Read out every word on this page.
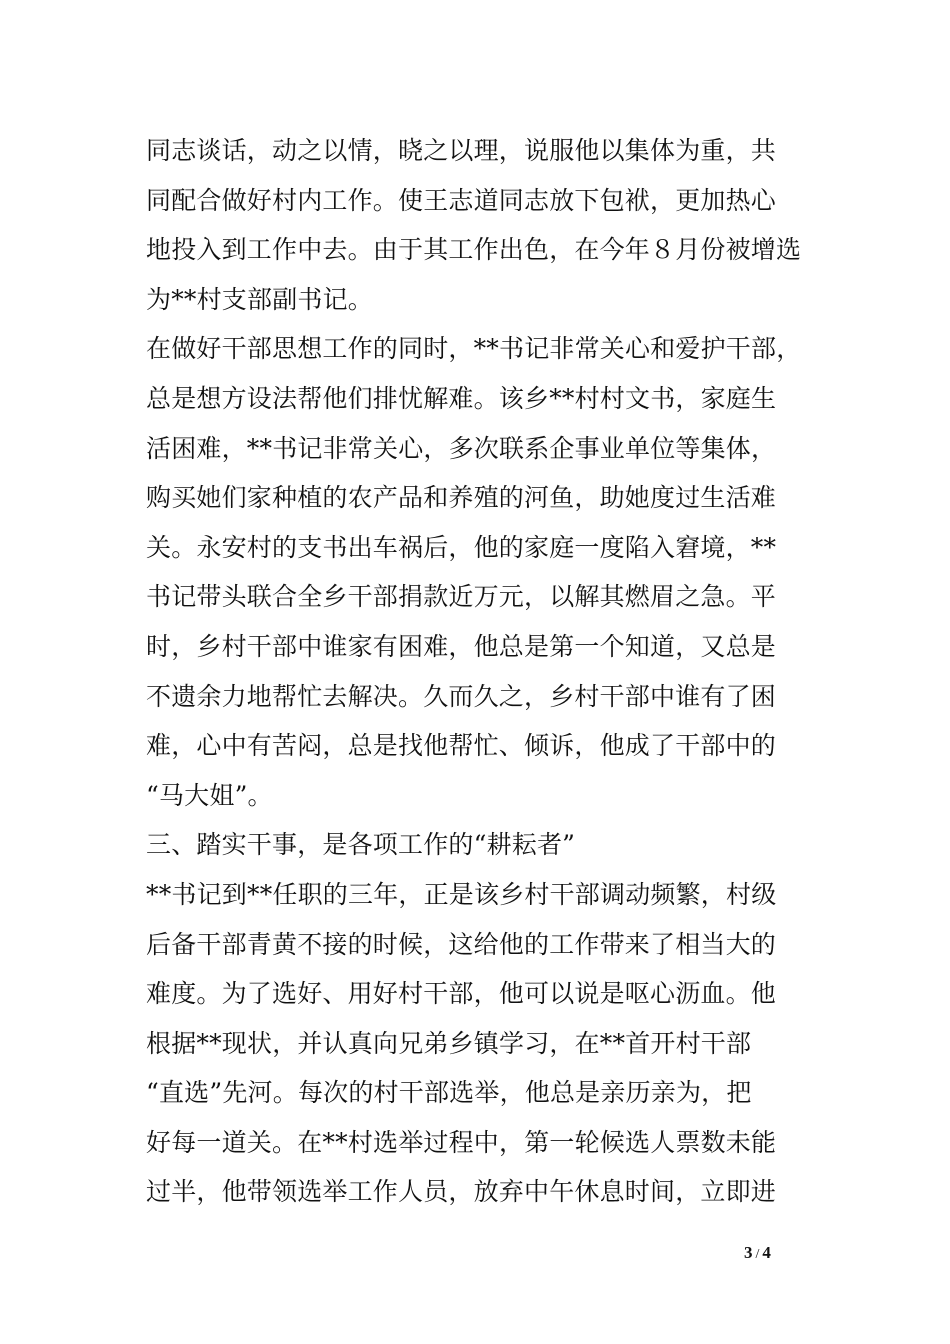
同志谈话，动之以情，晓之以理，说服他以集体为重，共
同配合做好村内工作。使王志道同志放下包袱，更加热心
地投入到工作中去。由于其工作出色，在今年８月份被增选
为**村支部副书记。
在做好干部思想工作的同时，**书记非常关心和爱护干部，
总是想方设法帮他们排忧解难。该乡**村村文书，家庭生
活困难，**书记非常关心，多次联系企事业单位等集体，
购买她们家种植的农产品和养殖的河鱼，助她度过生活难
关。永安村的支书出车祸后，他的家庭一度陷入窘境，**
书记带头联合全乡干部捐款近万元，以解其燃眉之急。平
时，乡村干部中谁家有困难，他总是第一个知道，又总是
不遗余力地帮忙去解决。久而久之，乡村干部中谁有了困
难，心中有苦闷，总是找他帮忙、倾诉，他成了干部中的
“马大姐”。
三、踏实干事，是各项工作的“耕耘者”
**书记到**任职的三年，正是该乡村干部调动频繁，村级
后备干部青黄不接的时候，这给他的工作带来了相当大的
难度。为了选好、用好村干部，他可以说是呕心沥血。他
根据**现状，并认真向兄弟乡镇学习，在**首开村干部
“直选”先河。每次的村干部选举，他总是亲历亲为，把
好每一道关。在**村选举过程中，第一轮候选人票数未能
过半，他带领选举工作人员，放弃中午休息时间，立即进
3 / 4
